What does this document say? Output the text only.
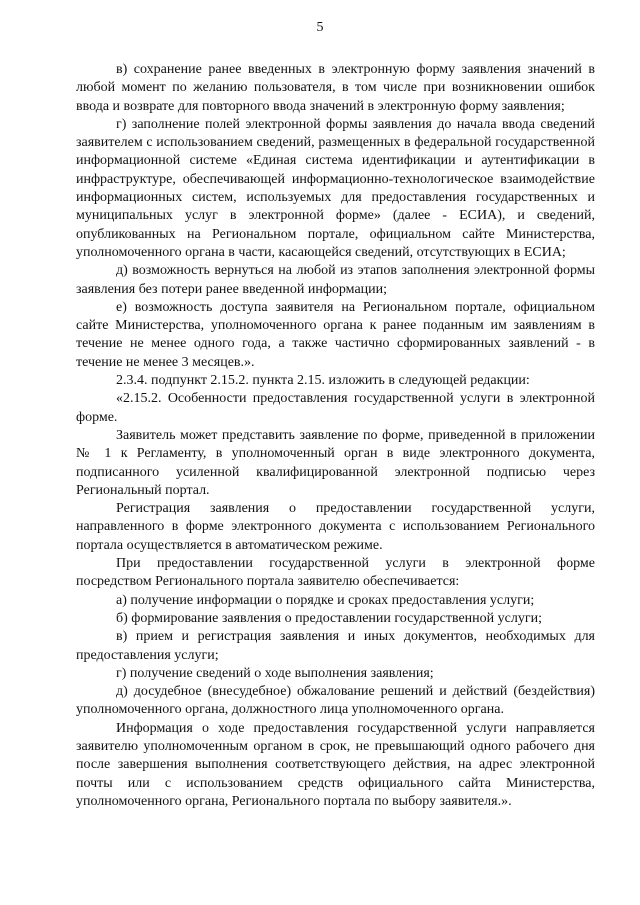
5

в) сохранение ранее введенных в электронную форму заявления значений в любой момент по желанию пользователя, в том числе при возникновении ошибок ввода и возврате для повторного ввода значений в электронную форму заявления;

г) заполнение полей электронной формы заявления до начала ввода сведений заявителем с использованием сведений, размещенных в федеральной государственной информационной системе «Единая система идентификации и аутентификации в инфраструктуре, обеспечивающей информационно-технологическое взаимодействие информационных систем, используемых для предоставления государственных и муниципальных услуг в электронной форме» (далее - ЕСИА), и сведений, опубликованных на Региональном портале, официальном сайте Министерства, уполномоченного органа в части, касающейся сведений, отсутствующих в ЕСИА;

д) возможность вернуться на любой из этапов заполнения электронной формы заявления без потери ранее введенной информации;

е) возможность доступа заявителя на Региональном портале, официальном сайте Министерства, уполномоченного органа к ранее поданным им заявлениям в течение не менее одного года, а также частично сформированных заявлений - в течение не менее 3 месяцев.».

2.3.4. подпункт 2.15.2. пункта 2.15. изложить в следующей редакции:

«2.15.2. Особенности предоставления государственной услуги в электронной форме.

Заявитель может представить заявление по форме, приведенной в приложении № 1 к Регламенту, в уполномоченный орган в виде электронного документа, подписанного усиленной квалифицированной электронной подписью через Региональный портал.

Регистрация заявления о предоставлении государственной услуги, направленного в форме электронного документа с использованием Регионального портала осуществляется в автоматическом режиме.

При предоставлении государственной услуги в электронной форме посредством Регионального портала заявителю обеспечивается:

а) получение информации о порядке и сроках предоставления услуги;

б) формирование заявления о предоставлении государственной услуги;

в) прием и регистрация заявления и иных документов, необходимых для предоставления услуги;

г) получение сведений о ходе выполнения заявления;

д) досудебное (внесудебное) обжалование решений и действий (бездействия) уполномоченного органа, должностного лица уполномоченного органа.

Информация о ходе предоставления государственной услуги направляется заявителю уполномоченным органом в срок, не превышающий одного рабочего дня после завершения выполнения соответствующего действия, на адрес электронной почты или с использованием средств официального сайта Министерства, уполномоченного органа, Регионального портала по выбору заявителя.».
